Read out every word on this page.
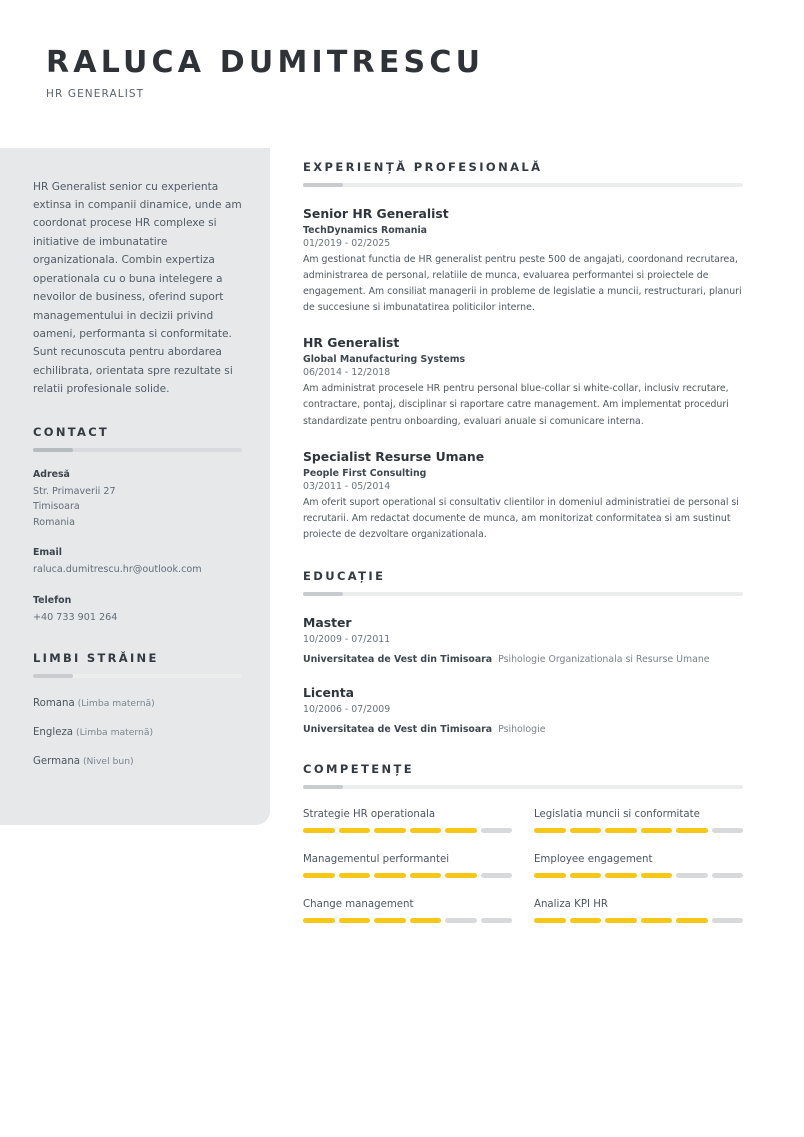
RALUCA DUMITRESCU
HR GENERALIST
HR Generalist senior cu experienta extinsa in companii dinamice, unde am coordonat procese HR complexe si initiative de imbunatatire organizationala. Combin expertiza operationala cu o buna intelegere a nevoilor de business, oferind suport managementului in decizii privind oameni, performanta si conformitate. Sunt recunoscuta pentru abordarea echilibrata, orientata spre rezultate si relatii profesionale solide.
CONTACT
Adresă
Str. Primaverii 27
Timisoara
Romania
Email
raluca.dumitrescu.hr@outlook.com
Telefon
+40 733 901 264
LIMBI STRĂINE
Romana (Limba maternă)
Engleza (Limba maternă)
Germana (Nivel bun)
EXPERIENȚĂ PROFESIONALĂ
Senior HR Generalist
TechDynamics Romania
01/2019 - 02/2025
Am gestionat functia de HR generalist pentru peste 500 de angajati, coordonand recrutarea, administrarea de personal, relatiile de munca, evaluarea performantei si proiectele de engagement. Am consiliat managerii in probleme de legislatie a muncii, restructurari, planuri de succesiune si imbunatatirea politicilor interne.
HR Generalist
Global Manufacturing Systems
06/2014 - 12/2018
Am administrat procesele HR pentru personal blue-collar si white-collar, inclusiv recrutare, contractare, pontaj, disciplinar si raportare catre management. Am implementat proceduri standardizate pentru onboarding, evaluari anuale si comunicare interna.
Specialist Resurse Umane
People First Consulting
03/2011 - 05/2014
Am oferit suport operational si consultativ clientilor in domeniul administratiei de personal si recrutarii. Am redactat documente de munca, am monitorizat conformitatea si am sustinut proiecte de dezvoltare organizationala.
EDUCAȚIE
Master
10/2009 - 07/2011
Universitatea de Vest din Timisoara Psihologie Organizationala si Resurse Umane
Licenta
10/2006 - 07/2009
Universitatea de Vest din Timisoara Psihologie
COMPETENȚE
Strategie HR operationala	Legislatia muncii si conformitate
Managementul performantei	Employee engagement
Change management	Analiza KPI HR
